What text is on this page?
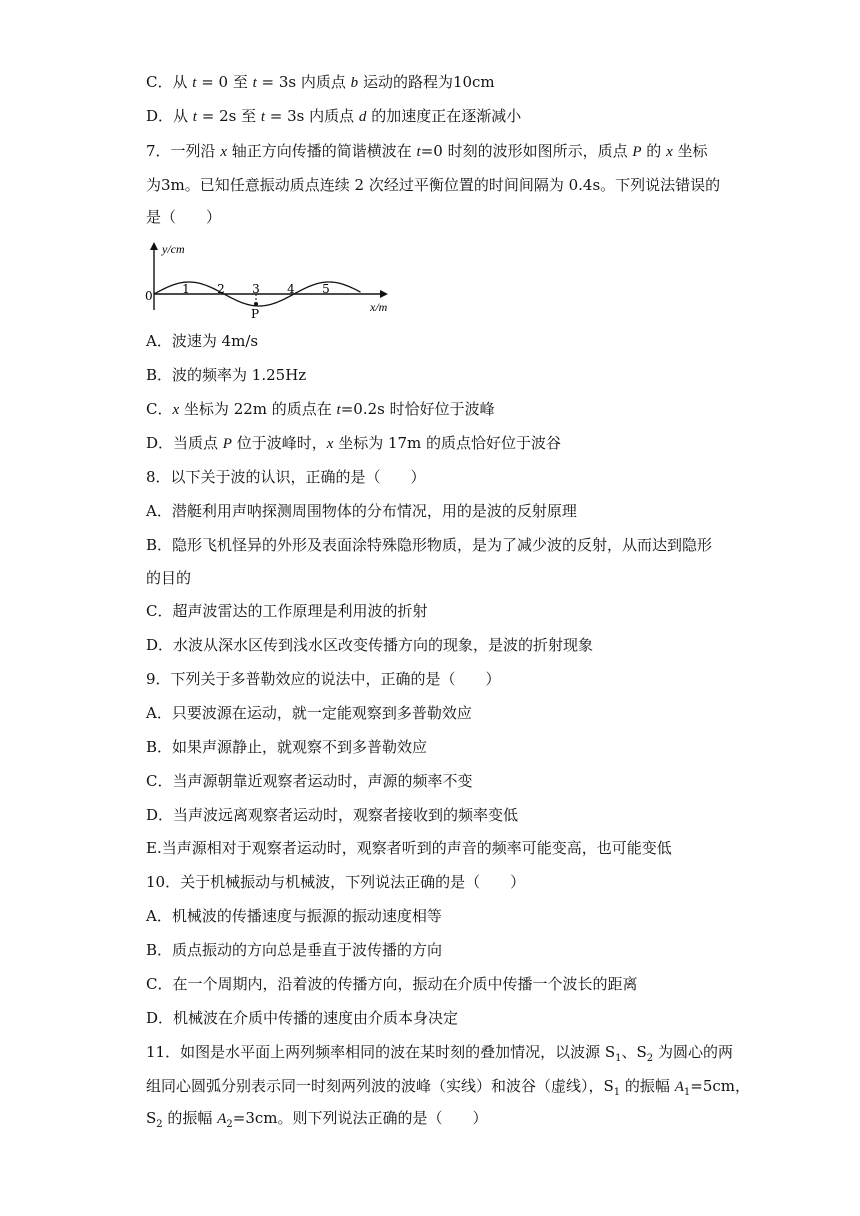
C．从 t = 0 至 t = 3s 内质点 b 运动的路程为10cm
D．从 t = 2s 至 t = 3s 内质点 d 的加速度正在逐渐减小
7．一列沿 x 轴正方向传播的简谐横波在 t=0 时刻的波形如图所示，质点 P 的 x 坐标
为3m。已知任意振动质点连续 2 次经过平衡位置的时间间隔为 0.4s。下列说法错误的
是（　　）
y/cm
x/m
0 1 2 3 4 5
P
A．波速为 4m/s
B．波的频率为 1.25Hz
C．x 坐标为 22m 的质点在 t=0.2s 时恰好位于波峰
D．当质点 P 位于波峰时，x 坐标为 17m 的质点恰好位于波谷
8．以下关于波的认识，正确的是（　　）
A．潜艇利用声呐探测周围物体的分布情况，用的是波的反射原理
B．隐形飞机怪异的外形及表面涂特殊隐形物质，是为了减少波的反射，从而达到隐形
的目的
C．超声波雷达的工作原理是利用波的折射
D．水波从深水区传到浅水区改变传播方向的现象，是波的折射现象
9．下列关于多普勒效应的说法中，正确的是（　　）
A．只要波源在运动，就一定能观察到多普勒效应
B．如果声源静止，就观察不到多普勒效应
C．当声源朝靠近观察者运动时，声源的频率不变
D．当声波远离观察者运动时，观察者接收到的频率变低
E.当声源相对于观察者运动时，观察者听到的声音的频率可能变高，也可能变低
10．关于机械振动与机械波，下列说法正确的是（　　）
A．机械波的传播速度与振源的振动速度相等
B．质点振动的方向总是垂直于波传播的方向
C．在一个周期内，沿着波的传播方向，振动在介质中传播一个波长的距离
D．机械波在介质中传播的速度由介质本身决定
11．如图是水平面上两列频率相同的波在某时刻的叠加情况，以波源 $S_1$、$S_2$ 为圆心的两
组同心圆弧分别表示同一时刻两列波的波峰（实线）和波谷（虚线），$S_1$ 的振幅 $A_1=5cm$，
$S_2$ 的振幅 $A_2=3cm$。则下列说法正确的是（　　）
